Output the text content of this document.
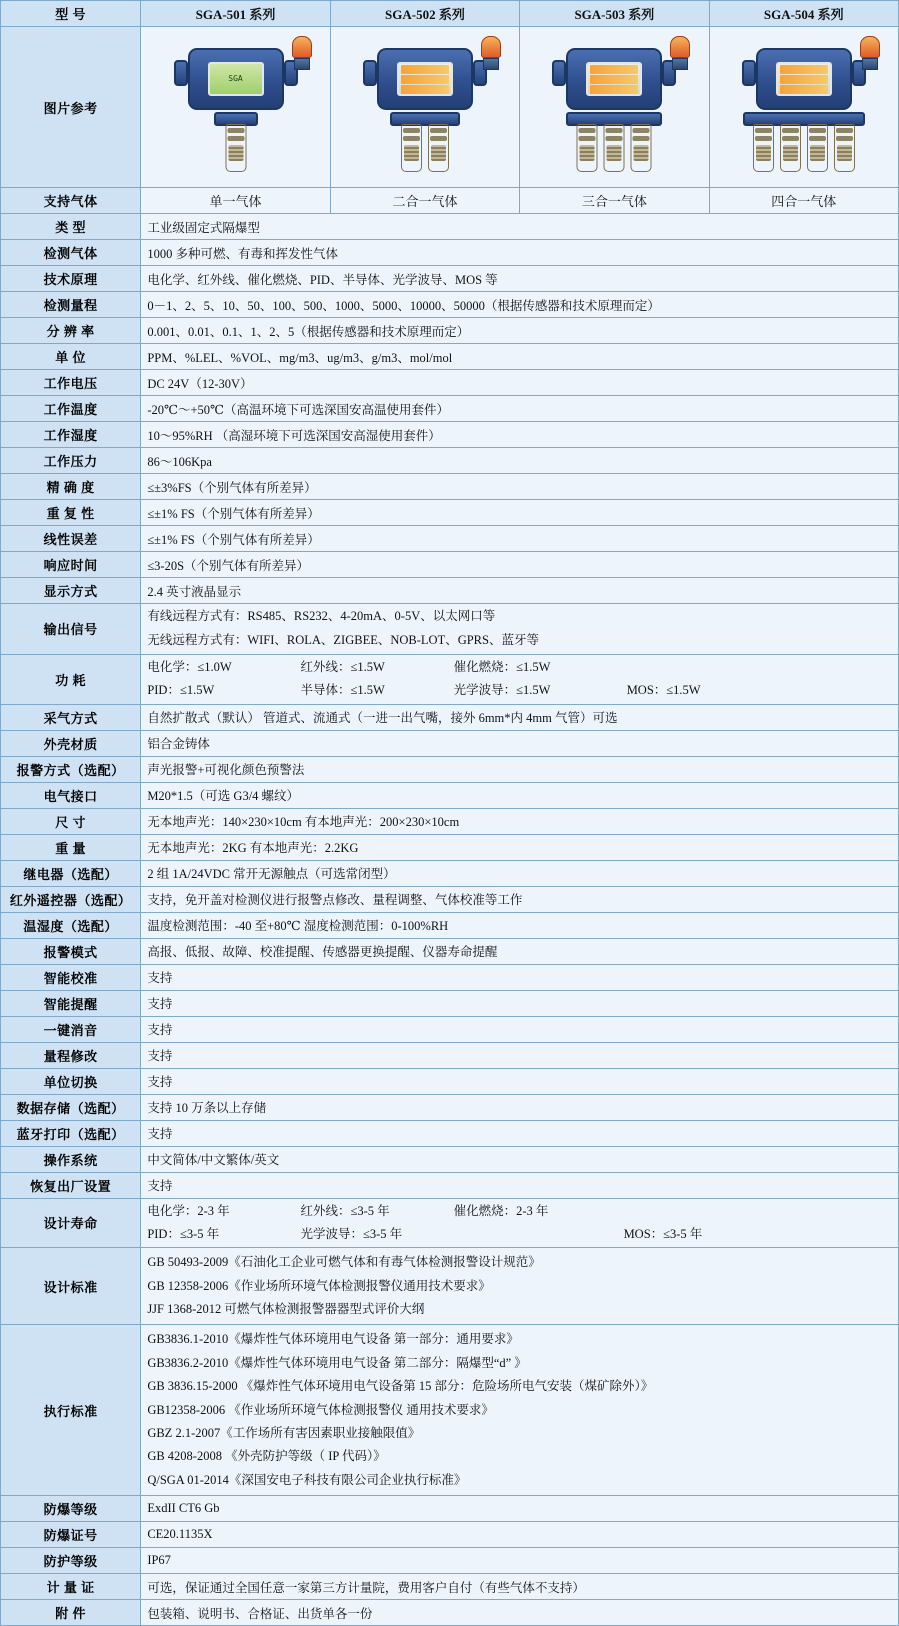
型 号	SGA-501 系列	SGA-502 系列	SGA-503 系列	SGA-504 系列
图片参考	SGA			

支持气体	单一气体	二合一气体	三合一气体	四合一气体
类 型	工业级固定式隔爆型			
检测气体	1000 多种可燃、有毒和挥发性气体			
技术原理	电化学、红外线、催化燃烧、PID、半导体、光学波导、MOS 等			
检测量程	0－1、2、5、10、50、100、500、1000、5000、10000、50000（根据传感器和技术原理而定）			
分 辨 率	0.001、0.01、0.1、1、2、5（根据传感器和技术原理而定）			
单 位	PPM、%LEL、%VOL、mg/m3、ug/m3、g/m3、mol/mol			
工作电压	DC 24V（12-30V）			
工作温度	-20℃～+50℃（高温环境下可选深国安高温使用套件）			
工作湿度	10～95%RH （高湿环境下可选深国安高湿使用套件）			
工作压力	86～106Kpa			
精 确 度	≤±3%FS（个别气体有所差异）			
重 复 性	≤±1% FS（个别气体有所差异）			
线性误差	≤±1% FS（个别气体有所差异）			
响应时间	≤3-20S（个别气体有所差异）			
显示方式	2.4 英寸液晶显示			
输出信号	有线远程方式有：RS485、RS232、4-20mA、0-5V、以太网口等
无线远程方式有：WIFI、ROLA、ZIGBEE、NOB-LOT、GPRS、蓝牙等			

功 耗	电化学：≤1.0W 红外线：≤1.5W 催化燃烧：≤1.5W
PID：≤1.5W 半导体：≤1.5W 光学波导：≤1.5W MOS：≤1.5W			

采气方式	自然扩散式（默认） 管道式、流通式（一进一出气嘴，接外 6mm*内 4mm 气管）可选			
外壳材质	铝合金铸体			
报警方式（选配）	声光报警+可视化颜色预警法			
电气接口	M20*1.5（可选 G3/4 螺纹）			
尺 寸	无本地声光：140×230×10cm 有本地声光：200×230×10cm			
重 量	无本地声光：2KG 有本地声光：2.2KG			
继电器（选配）	2 组 1A/24VDC 常开无源触点（可选常闭型）			
红外遥控器（选配）	支持，免开盖对检测仪进行报警点修改、量程调整、气体校准等工作			
温湿度（选配）	温度检测范围：-40 至+80℃ 湿度检测范围：0-100%RH			
报警模式	高报、低报、故障、校准提醒、传感器更换提醒、仪器寿命提醒			
智能校准	支持			
智能提醒	支持			
一键消音	支持			
量程修改	支持			
单位切换	支持			
数据存储（选配）	支持 10 万条以上存储			
蓝牙打印（选配）	支持			
操作系统	中文简体/中文繁体/英文			
恢复出厂设置	支持			
设计寿命	电化学：2-3 年 红外线：≤3-5 年 催化燃烧：2-3 年
PID：≤3-5 年 光学波导：≤3-5 年 MOS：≤3-5 年			

设计标准	GB 50493-2009《石油化工企业可燃气体和有毒气体检测报警设计规范》
GB 12358-2006《作业场所环境气体检测报警仪通用技术要求》
JJF 1368-2012 可燃气体检测报警器器型式评价大纲			

执行标准	
GB3836.1-2010《爆炸性气体环境用电气设备 第一部分：通用要求》
GB3836.2-2010《爆炸性气体环境用电气设备 第二部分：隔爆型“d” 》
GB 3836.15-2000 《爆炸性气体环境用电气设备第 15 部分：危险场所电气安装（煤矿除外）》
GB12358-2006 《作业场所环境气体检测报警仪 通用技术要求》
GBZ 2.1-2007《工作场所有害因素职业接触限值》
GB 4208-2008 《外壳防护等级（ IP 代码）》
Q/SGA 01-2014《深国安电子科技有限公司企业执行标准》

防爆等级	ExdII CT6 Gb			
防爆证号	CE20.1135X			
防护等级	IP67			
计 量 证	可选，保证通过全国任意一家第三方计量院，费用客户自付（有些气体不支持）			
附 件	包装箱、说明书、合格证、出货单各一份			
